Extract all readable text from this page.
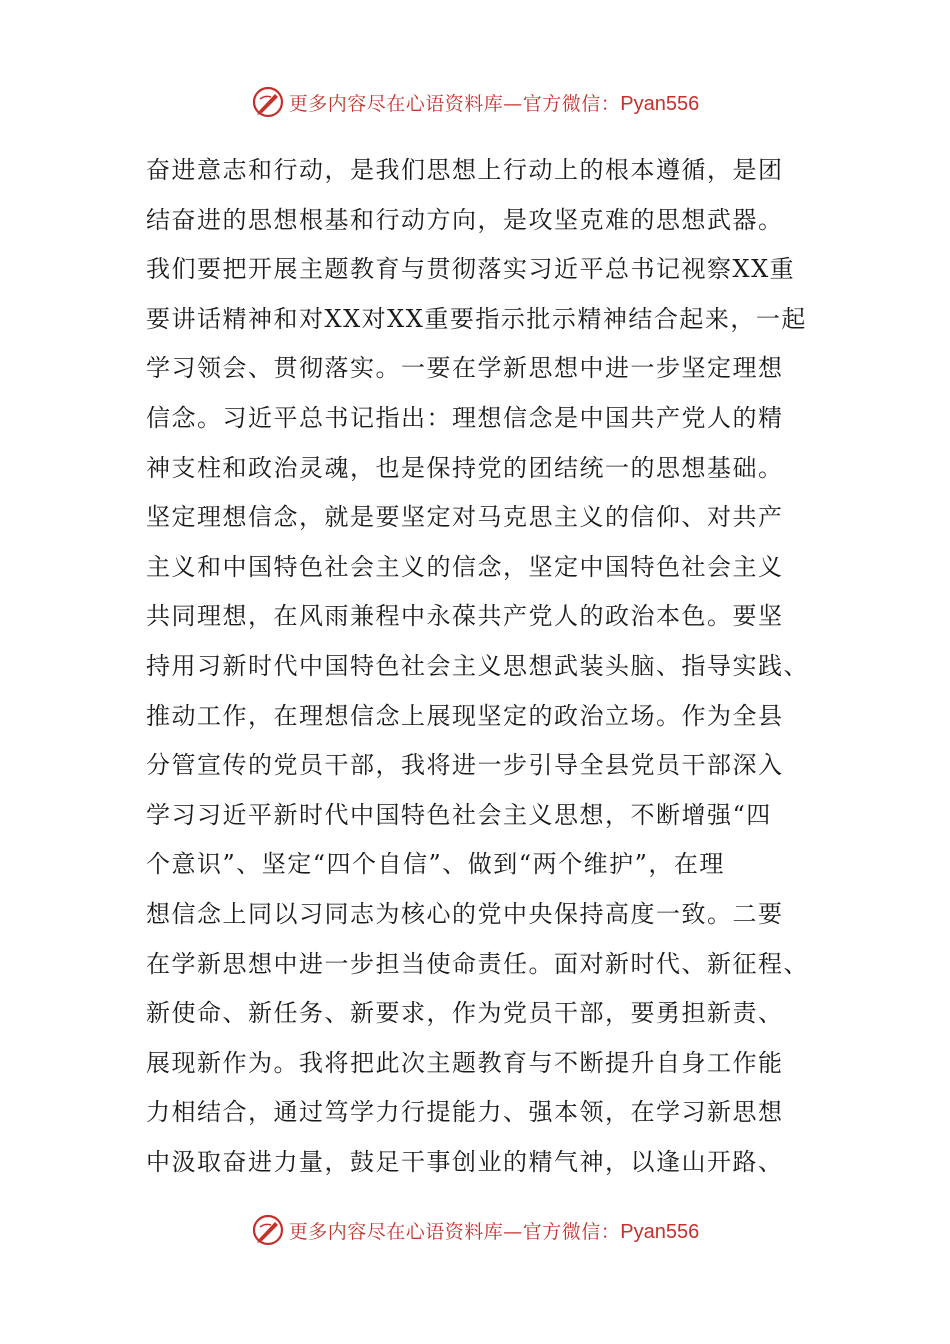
更多内容尽在心语资料库—官方微信：Pyan556
奋进意志和行动，是我们思想上行动上的根本遵循，是团
结奋进的思想根基和行动方向，是攻坚克难的思想武器。
我们要把开展主题教育与贯彻落实习近平总书记视察XX重
要讲话精神和对XX对XX重要指示批示精神结合起来，一起
学习领会、贯彻落实。一要在学新思想中进一步坚定理想
信念。习近平总书记指出：理想信念是中国共产党人的精
神支柱和政治灵魂，也是保持党的团结统一的思想基础。
坚定理想信念，就是要坚定对马克思主义的信仰、对共产
主义和中国特色社会主义的信念，坚定中国特色社会主义
共同理想，在风雨兼程中永葆共产党人的政治本色。要坚
持用习新时代中国特色社会主义思想武装头脑、指导实践、
推动工作，在理想信念上展现坚定的政治立场。作为全县
分管宣传的党员干部，我将进一步引导全县党员干部深入
学习习近平新时代中国特色社会主义思想，不断增强“四
个意识”、坚定“四个自信”、做到“两个维护”，在理
想信念上同以习同志为核心的党中央保持高度一致。二要
在学新思想中进一步担当使命责任。面对新时代、新征程、
新使命、新任务、新要求，作为党员干部，要勇担新责、
展现新作为。我将把此次主题教育与不断提升自身工作能
力相结合，通过笃学力行提能力、强本领，在学习新思想
中汲取奋进力量，鼓足干事创业的精气神，以逢山开路、
更多内容尽在心语资料库—官方微信：Pyan556
